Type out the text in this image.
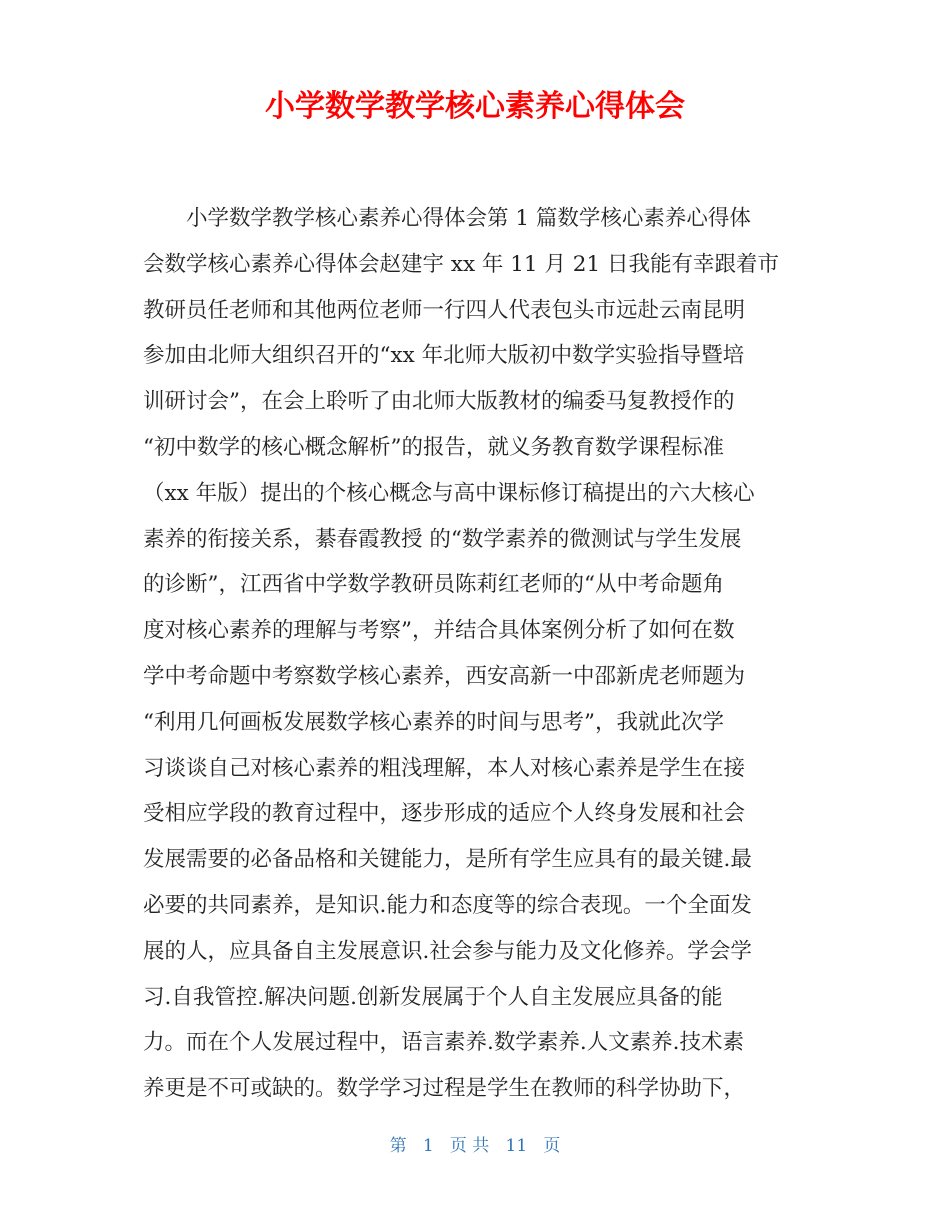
小学数学教学核心素养心得体会
小学数学教学核心素养心得体会第 1 篇数学核心素养心得体
会数学核心素养心得体会赵建宇 xx 年 11 月 21 日我能有幸跟着市
教研员任老师和其他两位老师一行四人代表包头市远赴云南昆明
参加由北师大组织召开的“xx 年北师大版初中数学实验指导暨培
训研讨会”，在会上聆听了由北师大版教材的编委马复教授作的
“初中数学的核心概念解析”的报告，就义务教育数学课程标准
（xx 年版）提出的个核心概念与高中课标修订稿提出的六大核心
素养的衔接关系，綦春霞教授 的“数学素养的微测试与学生发展
的诊断”，江西省中学数学教研员陈莉红老师的“从中考命题角
度对核心素养的理解与考察”，并结合具体案例分析了如何在数
学中考命题中考察数学核心素养，西安高新一中邵新虎老师题为
“利用几何画板发展数学核心素养的时间与思考”，我就此次学
习谈谈自己对核心素养的粗浅理解，本人对核心素养是学生在接
受相应学段的教育过程中，逐步形成的适应个人终身发展和社会
发展需要的必备品格和关键能力，是所有学生应具有的最关键.最
必要的共同素养，是知识.能力和态度等的综合表现。一个全面发
展的人，应具备自主发展意识.社会参与能力及文化修养。学会学
习.自我管控.解决问题.创新发展属于个人自主发展应具备的能
力。而在个人发展过程中，语言素养.数学素养.人文素养.技术素
养更是不可或缺的。数学学习过程是学生在教师的科学协助下，
第 1 页 共 11 页
